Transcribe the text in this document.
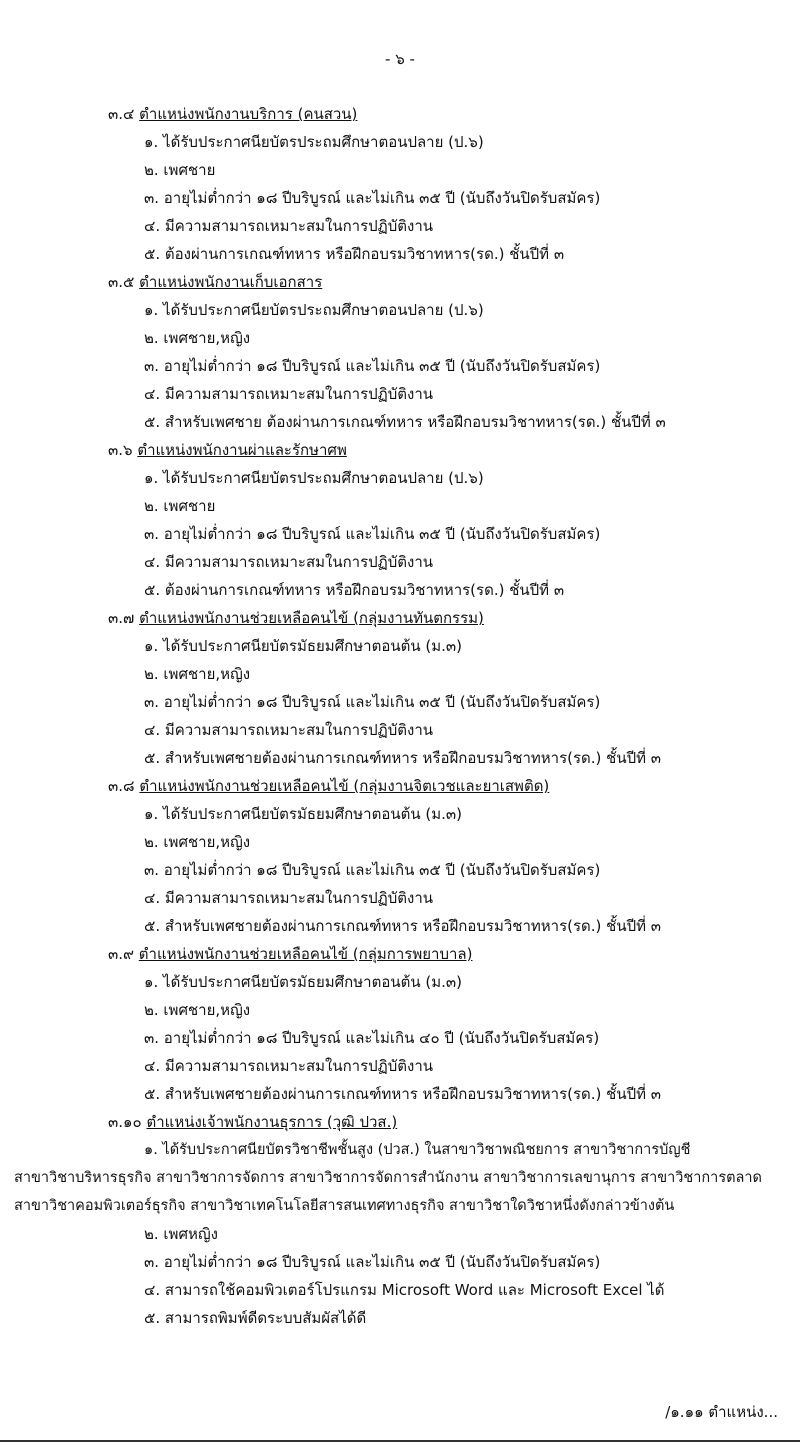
- ๖ -
๓.๔ ตำแหน่งพนักงานบริการ (คนสวน)
๑. ได้รับประกาศนียบัตรประถมศึกษาตอนปลาย (ป.๖)
๒. เพศชาย
๓. อายุไม่ต่ำกว่า ๑๘ ปีบริบูรณ์ และไม่เกิน ๓๕ ปี (นับถึงวันปิดรับสมัคร)
๔. มีความสามารถเหมาะสมในการปฏิบัติงาน
๕. ต้องผ่านการเกณฑ์ทหาร หรือฝึกอบรมวิชาทหาร(รด.) ชั้นปีที่ ๓
๓.๕ ตำแหน่งพนักงานเก็บเอกสาร
๑. ได้รับประกาศนียบัตรประถมศึกษาตอนปลาย (ป.๖)
๒. เพศชาย,หญิง
๓. อายุไม่ต่ำกว่า ๑๘ ปีบริบูรณ์ และไม่เกิน ๓๕ ปี (นับถึงวันปิดรับสมัคร)
๔. มีความสามารถเหมาะสมในการปฏิบัติงาน
๕. สำหรับเพศชาย ต้องผ่านการเกณฑ์ทหาร หรือฝึกอบรมวิชาทหาร(รด.) ชั้นปีที่ ๓
๓.๖ ตำแหน่งพนักงานผ่าและรักษาศพ
๑. ได้รับประกาศนียบัตรประถมศึกษาตอนปลาย (ป.๖)
๒. เพศชาย
๓. อายุไม่ต่ำกว่า ๑๘ ปีบริบูรณ์ และไม่เกิน ๓๕ ปี (นับถึงวันปิดรับสมัคร)
๔. มีความสามารถเหมาะสมในการปฏิบัติงาน
๕. ต้องผ่านการเกณฑ์ทหาร หรือฝึกอบรมวิชาทหาร(รด.) ชั้นปีที่ ๓
๓.๗ ตำแหน่งพนักงานช่วยเหลือคนไข้ (กลุ่มงานทันตกรรม)
๑. ได้รับประกาศนียบัตรมัธยมศึกษาตอนต้น (ม.๓)
๒. เพศชาย,หญิง
๓. อายุไม่ต่ำกว่า ๑๘ ปีบริบูรณ์ และไม่เกิน ๓๕ ปี (นับถึงวันปิดรับสมัคร)
๔. มีความสามารถเหมาะสมในการปฏิบัติงาน
๕. สำหรับเพศชายต้องผ่านการเกณฑ์ทหาร หรือฝึกอบรมวิชาทหาร(รด.) ชั้นปีที่ ๓
๓.๘ ตำแหน่งพนักงานช่วยเหลือคนไข้ (กลุ่มงานจิตเวชและยาเสพติด)
๑. ได้รับประกาศนียบัตรมัธยมศึกษาตอนต้น (ม.๓)
๒. เพศชาย,หญิง
๓. อายุไม่ต่ำกว่า ๑๘ ปีบริบูรณ์ และไม่เกิน ๓๕ ปี (นับถึงวันปิดรับสมัคร)
๔. มีความสามารถเหมาะสมในการปฏิบัติงาน
๕. สำหรับเพศชายต้องผ่านการเกณฑ์ทหาร หรือฝึกอบรมวิชาทหาร(รด.) ชั้นปีที่ ๓
๓.๙ ตำแหน่งพนักงานช่วยเหลือคนไข้ (กลุ่มการพยาบาล)
๑. ได้รับประกาศนียบัตรมัธยมศึกษาตอนต้น (ม.๓)
๒. เพศชาย,หญิง
๓. อายุไม่ต่ำกว่า ๑๘ ปีบริบูรณ์ และไม่เกิน ๔๐ ปี (นับถึงวันปิดรับสมัคร)
๔. มีความสามารถเหมาะสมในการปฏิบัติงาน
๕. สำหรับเพศชายต้องผ่านการเกณฑ์ทหาร หรือฝึกอบรมวิชาทหาร(รด.) ชั้นปีที่ ๓
๓.๑๐ ตำแหน่งเจ้าพนักงานธุรการ (วุฒิ ปวส.)
๑. ได้รับประกาศนียบัตรวิชาชีพชั้นสูง (ปวส.) ในสาขาวิชาพณิชยการ สาขาวิชาการบัญชี
สาขาวิชาบริหารธุรกิจ สาขาวิชาการจัดการ สาขาวิชาการจัดการสำนักงาน สาขาวิชาการเลขานุการ สาขาวิชาการตลาด
สาขาวิชาคอมพิวเตอร์ธุรกิจ สาขาวิชาเทคโนโลยีสารสนเทศทางธุรกิจ สาขาวิชาใดวิชาหนึ่งดังกล่าวข้างต้น
๒. เพศหญิง
๓. อายุไม่ต่ำกว่า ๑๘ ปีบริบูรณ์ และไม่เกิน ๓๕ ปี (นับถึงวันปิดรับสมัคร)
๔. สามารถใช้คอมพิวเตอร์โปรแกรม Microsoft Word และ Microsoft Excel ได้
๕. สามารถพิมพ์ดีดระบบสัมผัสได้ดี
/๑.๑๑ ตำแหน่ง...
